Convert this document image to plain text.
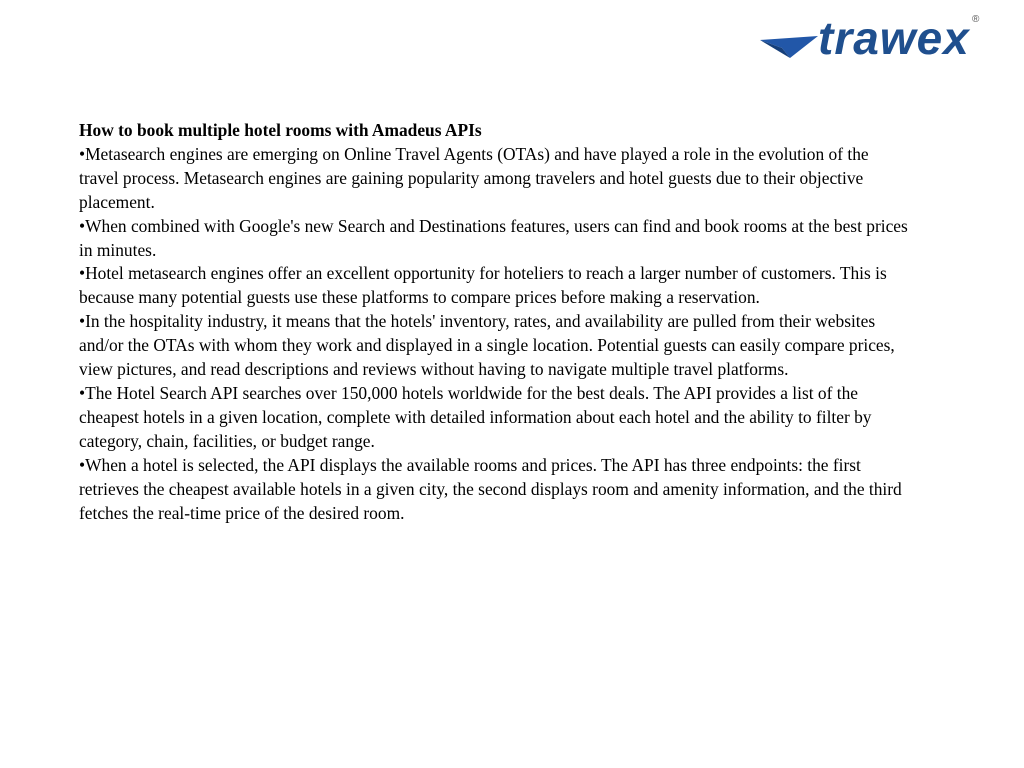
trawex ®

How to book multiple hotel rooms with Amadeus APIs

•Metasearch engines are emerging on Online Travel Agents (OTAs) and have played a role in the evolution of the travel process. Metasearch engines are gaining popularity among travelers and hotel guests due to their objective placement.

•When combined with Google's new Search and Destinations features, users can find and book rooms at the best prices in minutes.

•Hotel metasearch engines offer an excellent opportunity for hoteliers to reach a larger number of customers. This is because many potential guests use these platforms to compare prices before making a reservation.

•In the hospitality industry, it means that the hotels' inventory, rates, and availability are pulled from their websites and/or the OTAs with whom they work and displayed in a single location. Potential guests can easily compare prices, view pictures, and read descriptions and reviews without having to navigate multiple travel platforms.

•The Hotel Search API searches over 150,000 hotels worldwide for the best deals. The API provides a list of the cheapest hotels in a given location, complete with detailed information about each hotel and the ability to filter by category, chain, facilities, or budget range.

•When a hotel is selected, the API displays the available rooms and prices. The API has three endpoints: the first retrieves the cheapest available hotels in a given city, the second displays room and amenity information, and the third fetches the real-time price of the desired room.
